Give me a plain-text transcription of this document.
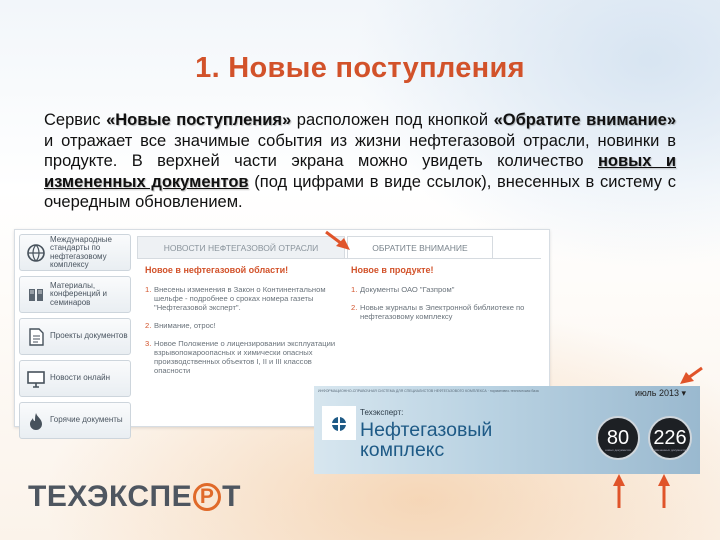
1. Новые поступления
Сервис «Новые поступления» расположен под кнопкой «Обратите внимание» и отражает все значимые события из жизни нефтегазовой отрасли, новинки в продукте. В верхней части экрана можно увидеть количество новых и измененных документов (под цифрами в виде ссылок), внесенных в систему с очередным обновлением.
Международные стандарты по нефтегазовому комплексу
Материалы, конференций и семинаров
Проекты документов
Новости онлайн
Горячие документы
НОВОСТИ НЕФТЕГАЗОВОЙ ОТРАСЛИ	ОБРАТИТЕ ВНИМАНИЕ
Новое в нефтегазовой области!
1. Внесены изменения в Закон о Континентальном шельфе - подробнее о сроках номера газеты "Нефтегазовой эксперт".
2. Внимание, отрос!
3. Новое Положение о лицензировании эксплуатации взрывопожароопасных и химически опасных производственных объектов I, II и III классов опасности
Новое в продукте!
1. Документы ОАО "Газпром"
2. Новые журналы в Электронной библиотеке по нефтегазовому комплексу
ИНФОРМАЦИОННО-СПРАВОЧНАЯ СИСТЕМА ДЛЯ СПЕЦИАЛИСТОВ НЕФТЕГАЗОВОГО КОМПЛЕКСА · нормативно-техническая база	июль 2013 ▾
Техэксперт:
Нефтегазовый
комплекс
80
новых документов
226
измененных документов
ТЕХЭКСПЕ Р Т
